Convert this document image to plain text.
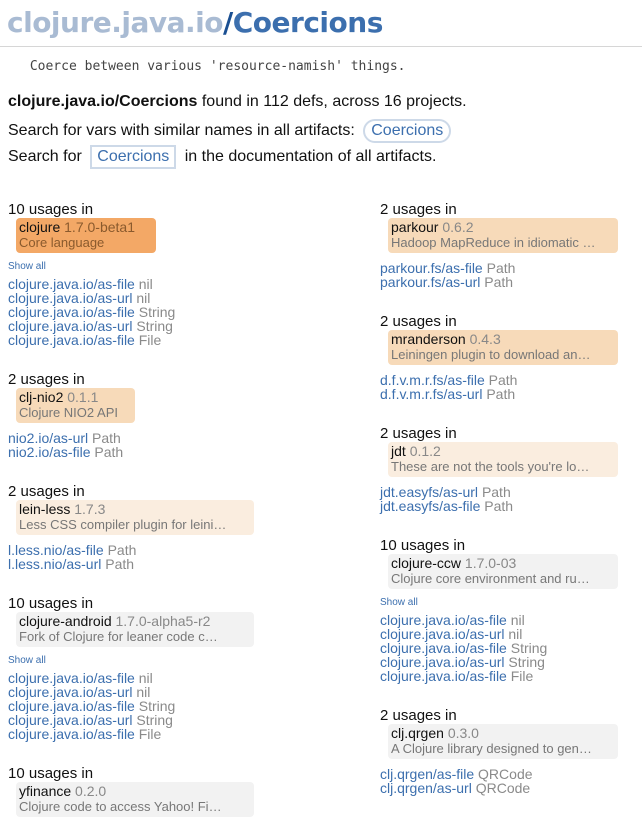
clojure.java.io/Coercions
Coerce between various 'resource-namish' things.
clojure.java.io/Coercions found in 112 defs, across 16 projects.
Search for vars with similar names in all artifacts: Coercions
Search for Coercions in the documentation of all artifacts.
10 usages in
clojure 1.7.0-beta1
Core language
Show all
clojure.java.io/as-file nil
clojure.java.io/as-url nil
clojure.java.io/as-file String
clojure.java.io/as-url String
clojure.java.io/as-file File
2 usages in
clj-nio2 0.1.1
Clojure NIO2 API
nio2.io/as-url Path
nio2.io/as-file Path
2 usages in
lein-less 1.7.3
Less CSS compiler plugin for leini…
l.less.nio/as-file Path
l.less.nio/as-url Path
10 usages in
clojure-android 1.7.0-alpha5-r2
Fork of Clojure for leaner code c…
Show all
clojure.java.io/as-file nil
clojure.java.io/as-url nil
clojure.java.io/as-file String
clojure.java.io/as-url String
clojure.java.io/as-file File
10 usages in
yfinance 0.2.0
Clojure code to access Yahoo! Fi…
2 usages in
parkour 0.6.2
Hadoop MapReduce in idiomatic …
parkour.fs/as-file Path
parkour.fs/as-url Path
2 usages in
mranderson 0.4.3
Leiningen plugin to download an…
d.f.v.m.r.fs/as-file Path
d.f.v.m.r.fs/as-url Path
2 usages in
jdt 0.1.2
These are not the tools you're lo…
jdt.easyfs/as-url Path
jdt.easyfs/as-file Path
10 usages in
clojure-ccw 1.7.0-03
Clojure core environment and ru…
Show all
clojure.java.io/as-file nil
clojure.java.io/as-url nil
clojure.java.io/as-file String
clojure.java.io/as-url String
clojure.java.io/as-file File
2 usages in
clj.qrgen 0.3.0
A Clojure library designed to gen…
clj.qrgen/as-file QRCode
clj.qrgen/as-url QRCode
